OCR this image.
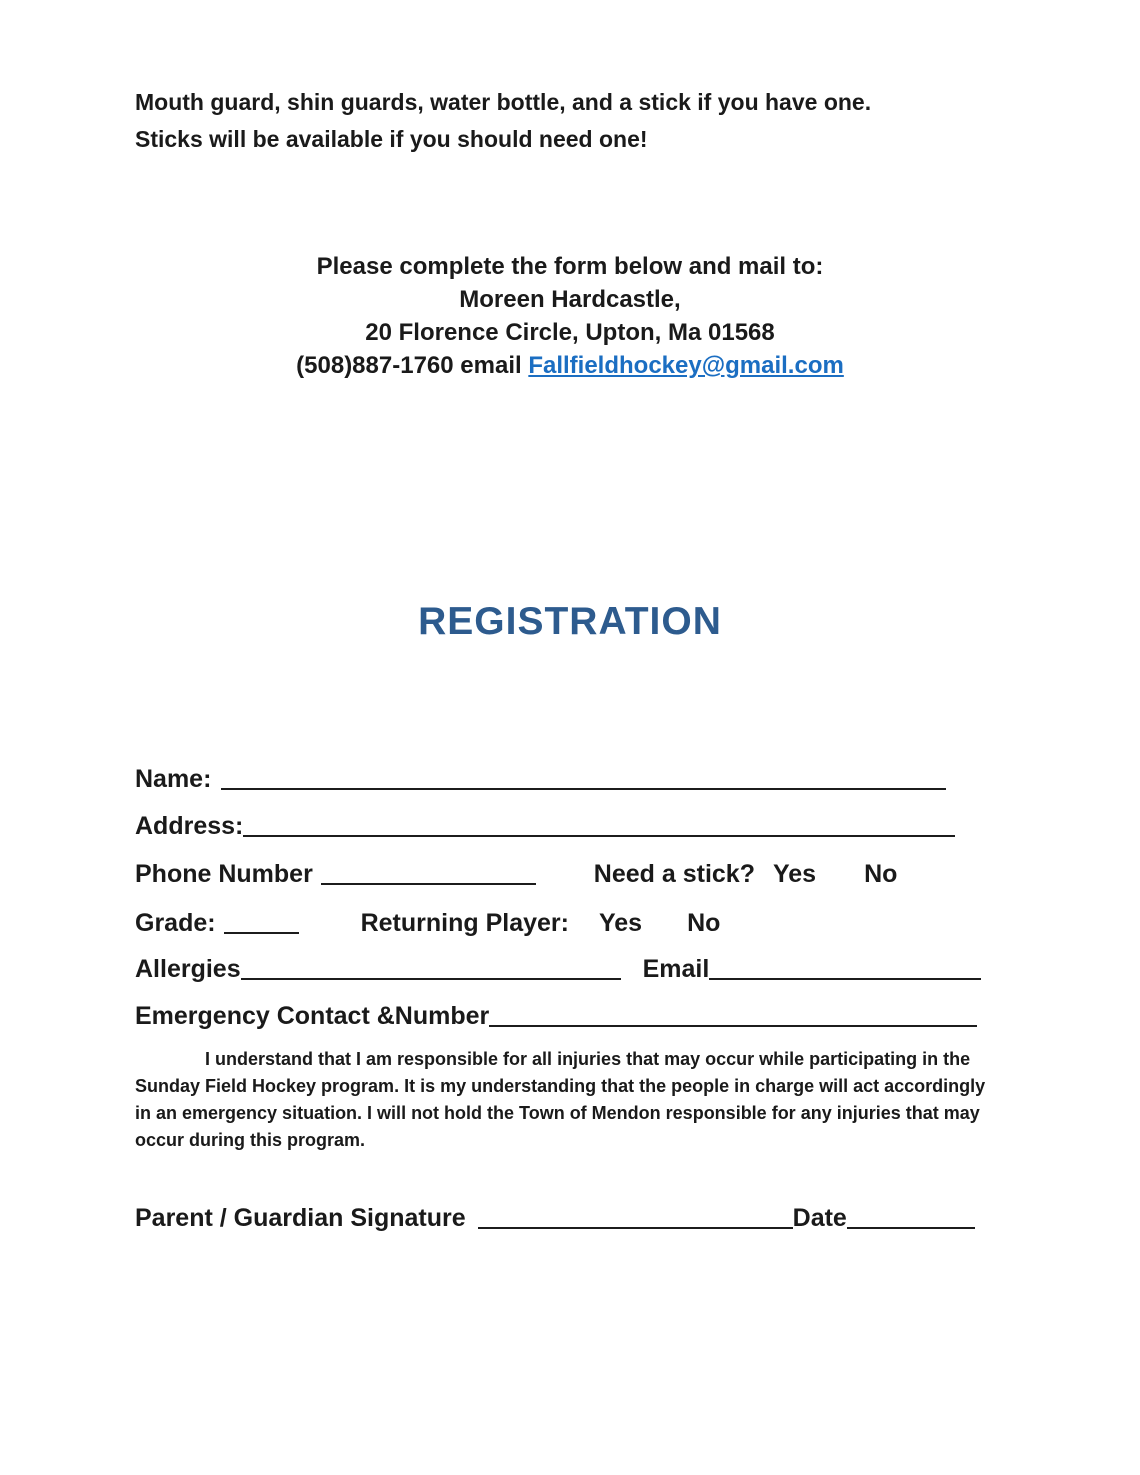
Mouth guard, shin guards, water bottle, and a stick if you have one.
Sticks will be available if you should need one!

Please complete the form below and mail to:
Moreen Hardcastle,
20 Florence Circle, Upton, Ma 01568
(508)887-1760 email Fallfieldhockey@gmail.com
REGISTRATION
Name:
Address:
Phone Number	Need a stick? Yes No
Grade:	Returning Player: Yes No
Allergies	Email
Emergency Contact &Number

I understand that I am responsible for all injuries that may occur while participating in the Sunday Field Hockey program. It is my understanding that the people in charge will act accordingly in an emergency situation. I will not hold the Town of Mendon responsible for any injuries that may occur during this program.

Parent / Guardian Signature	Date
